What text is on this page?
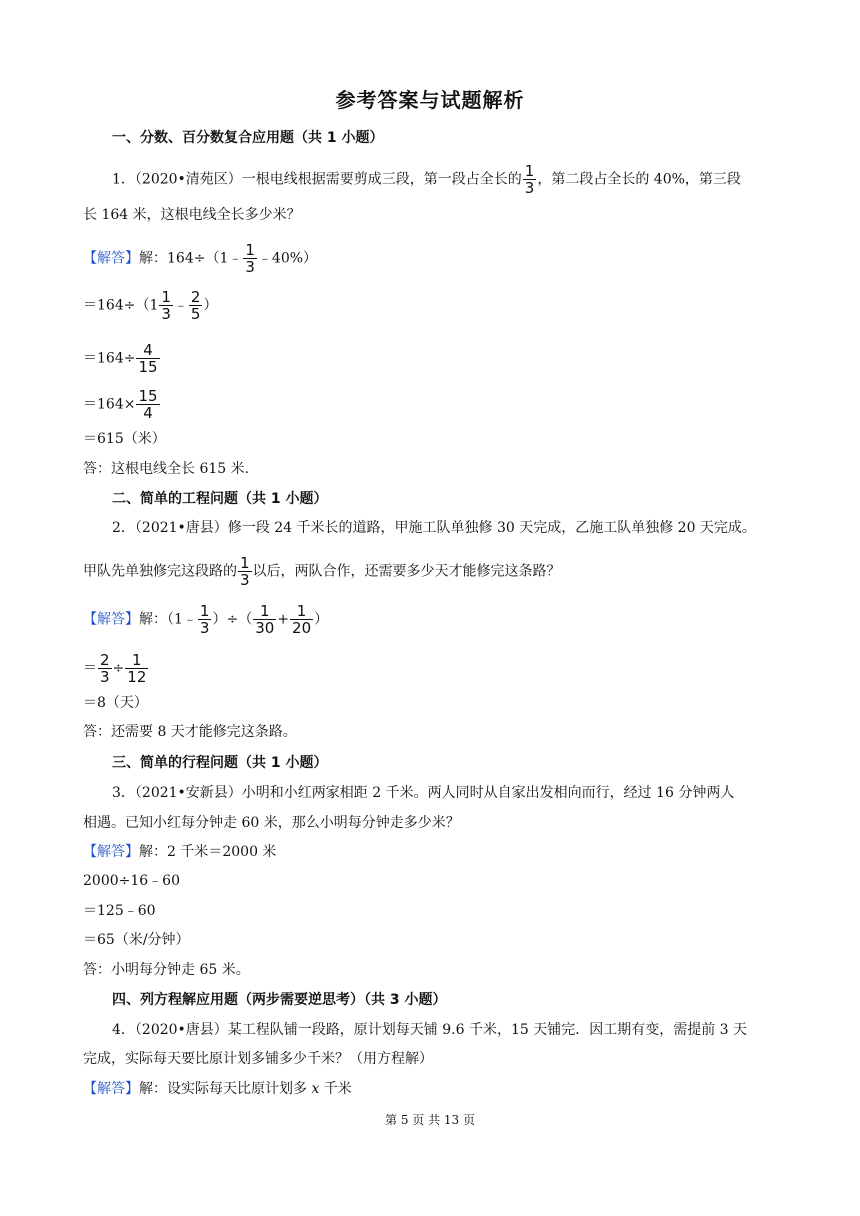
参考答案与试题解析
一、分数、百分数复合应用题（共 1 小题）
1．（2020•清苑区）一根电线根据需要剪成三段，第一段占全长的 $\frac{1}{3}$ ，第二段占全长的 40%，第三段
长 164 米，这根电线全长多少米？
【解答】解：164÷（1﹣ $\frac{1}{3}$ ﹣40%）
$=164\div(1 \frac{1}{3}$ ﹣ $\frac{2}{5}$ ）
$=164\div \frac{4}{15}$
$=164\times \frac{15}{4}$
＝615（米）
答：这根电线全长 615 米.
二、简单的工程问题（共 1 小题）
2．（2021•唐县）修一段 24 千米长的道路，甲施工队单独修 30 天完成，乙施工队单独修 20 天完成。
甲队先单独修完这段路的 $\frac{1}{3}$ 以后，两队合作，还需要多少天才能修完这条路？
【解答】解：（1﹣ $\frac{1}{3}$ ）÷（ $\frac{1}{30} + \frac{1}{20}$ ）
＝ $\frac{2}{3} \div \frac{1}{12}$
＝8（天）
答：还需要 8 天才能修完这条路。
三、简单的行程问题（共 1 小题）
3．（2021•安新县）小明和小红两家相距 2 千米。两人同时从自家出发相向而行，经过 16 分钟两人
相遇。已知小红每分钟走 60 米，那么小明每分钟走多少米？
【解答】解：2 千米＝2000 米
2000÷16﹣60
＝125﹣60
＝65（米/分钟）
答：小明每分钟走 65 米。
四、列方程解应用题（两步需要逆思考）（共 3 小题）
4．（2020•唐县）某工程队铺一段路，原计划每天铺 9.6 千米，15 天铺完．因工期有变，需提前 3 天
完成，实际每天要比原计划多铺多少千米？（用方程解）
【解答】解：设实际每天比原计划多 x 千米
第 5 页 共 13 页
